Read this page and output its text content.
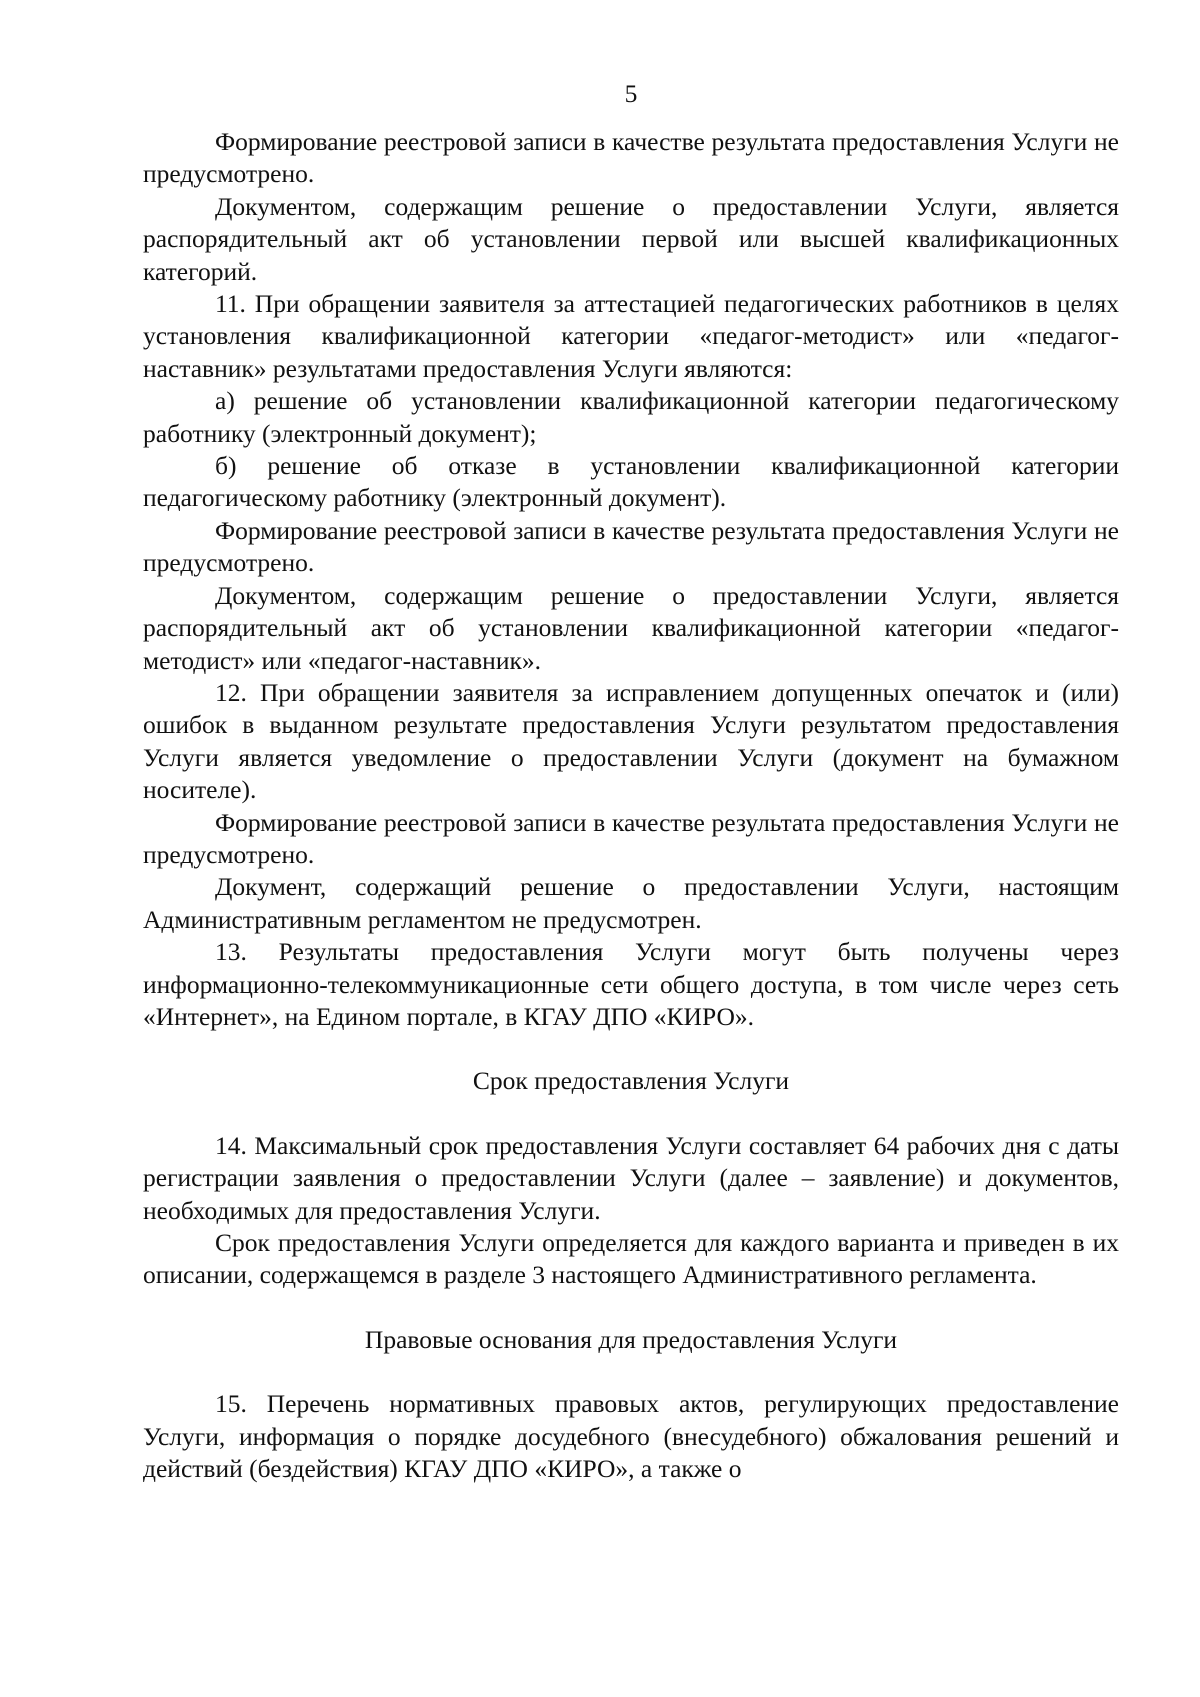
5

Формирование реестровой записи в качестве результата предоставления Услуги не предусмотрено.

Документом, содержащим решение о предоставлении Услуги, является распорядительный акт об установлении первой или высшей квалификационных категорий.

11. При обращении заявителя за аттестацией педагогических работников в целях установления квалификационной категории «педагог-методист» или «педагог-наставник» результатами предоставления Услуги являются:

а) решение об установлении квалификационной категории педагогическому работнику (электронный документ);

б) решение об отказе в установлении квалификационной категории педагогическому работнику (электронный документ).

Формирование реестровой записи в качестве результата предоставления Услуги не предусмотрено.

Документом, содержащим решение о предоставлении Услуги, является распорядительный акт об установлении квалификационной категории «педагог-методист» или «педагог-наставник».

12. При обращении заявителя за исправлением допущенных опечаток и (или) ошибок в выданном результате предоставления Услуги результатом предоставления Услуги является уведомление о предоставлении Услуги (документ на бумажном носителе).

Формирование реестровой записи в качестве результата предоставления Услуги не предусмотрено.

Документ, содержащий решение о предоставлении Услуги, настоящим Административным регламентом не предусмотрен.

13. Результаты предоставления Услуги могут быть получены через информационно-телекоммуникационные сети общего доступа, в том числе через сеть «Интернет», на Едином портале, в КГАУ ДПО «КИРО».

Срок предоставления Услуги

14. Максимальный срок предоставления Услуги составляет 64 рабочих дня с даты регистрации заявления о предоставлении Услуги (далее – заявление) и документов, необходимых для предоставления Услуги.

Срок предоставления Услуги определяется для каждого варианта и приведен в их описании, содержащемся в разделе 3 настоящего Административного регламента.

Правовые основания для предоставления Услуги

15. Перечень нормативных правовых актов, регулирующих предоставление Услуги, информация о порядке досудебного (внесудебного) обжалования решений и действий (бездействия) КГАУ ДПО «КИРО», а также о
